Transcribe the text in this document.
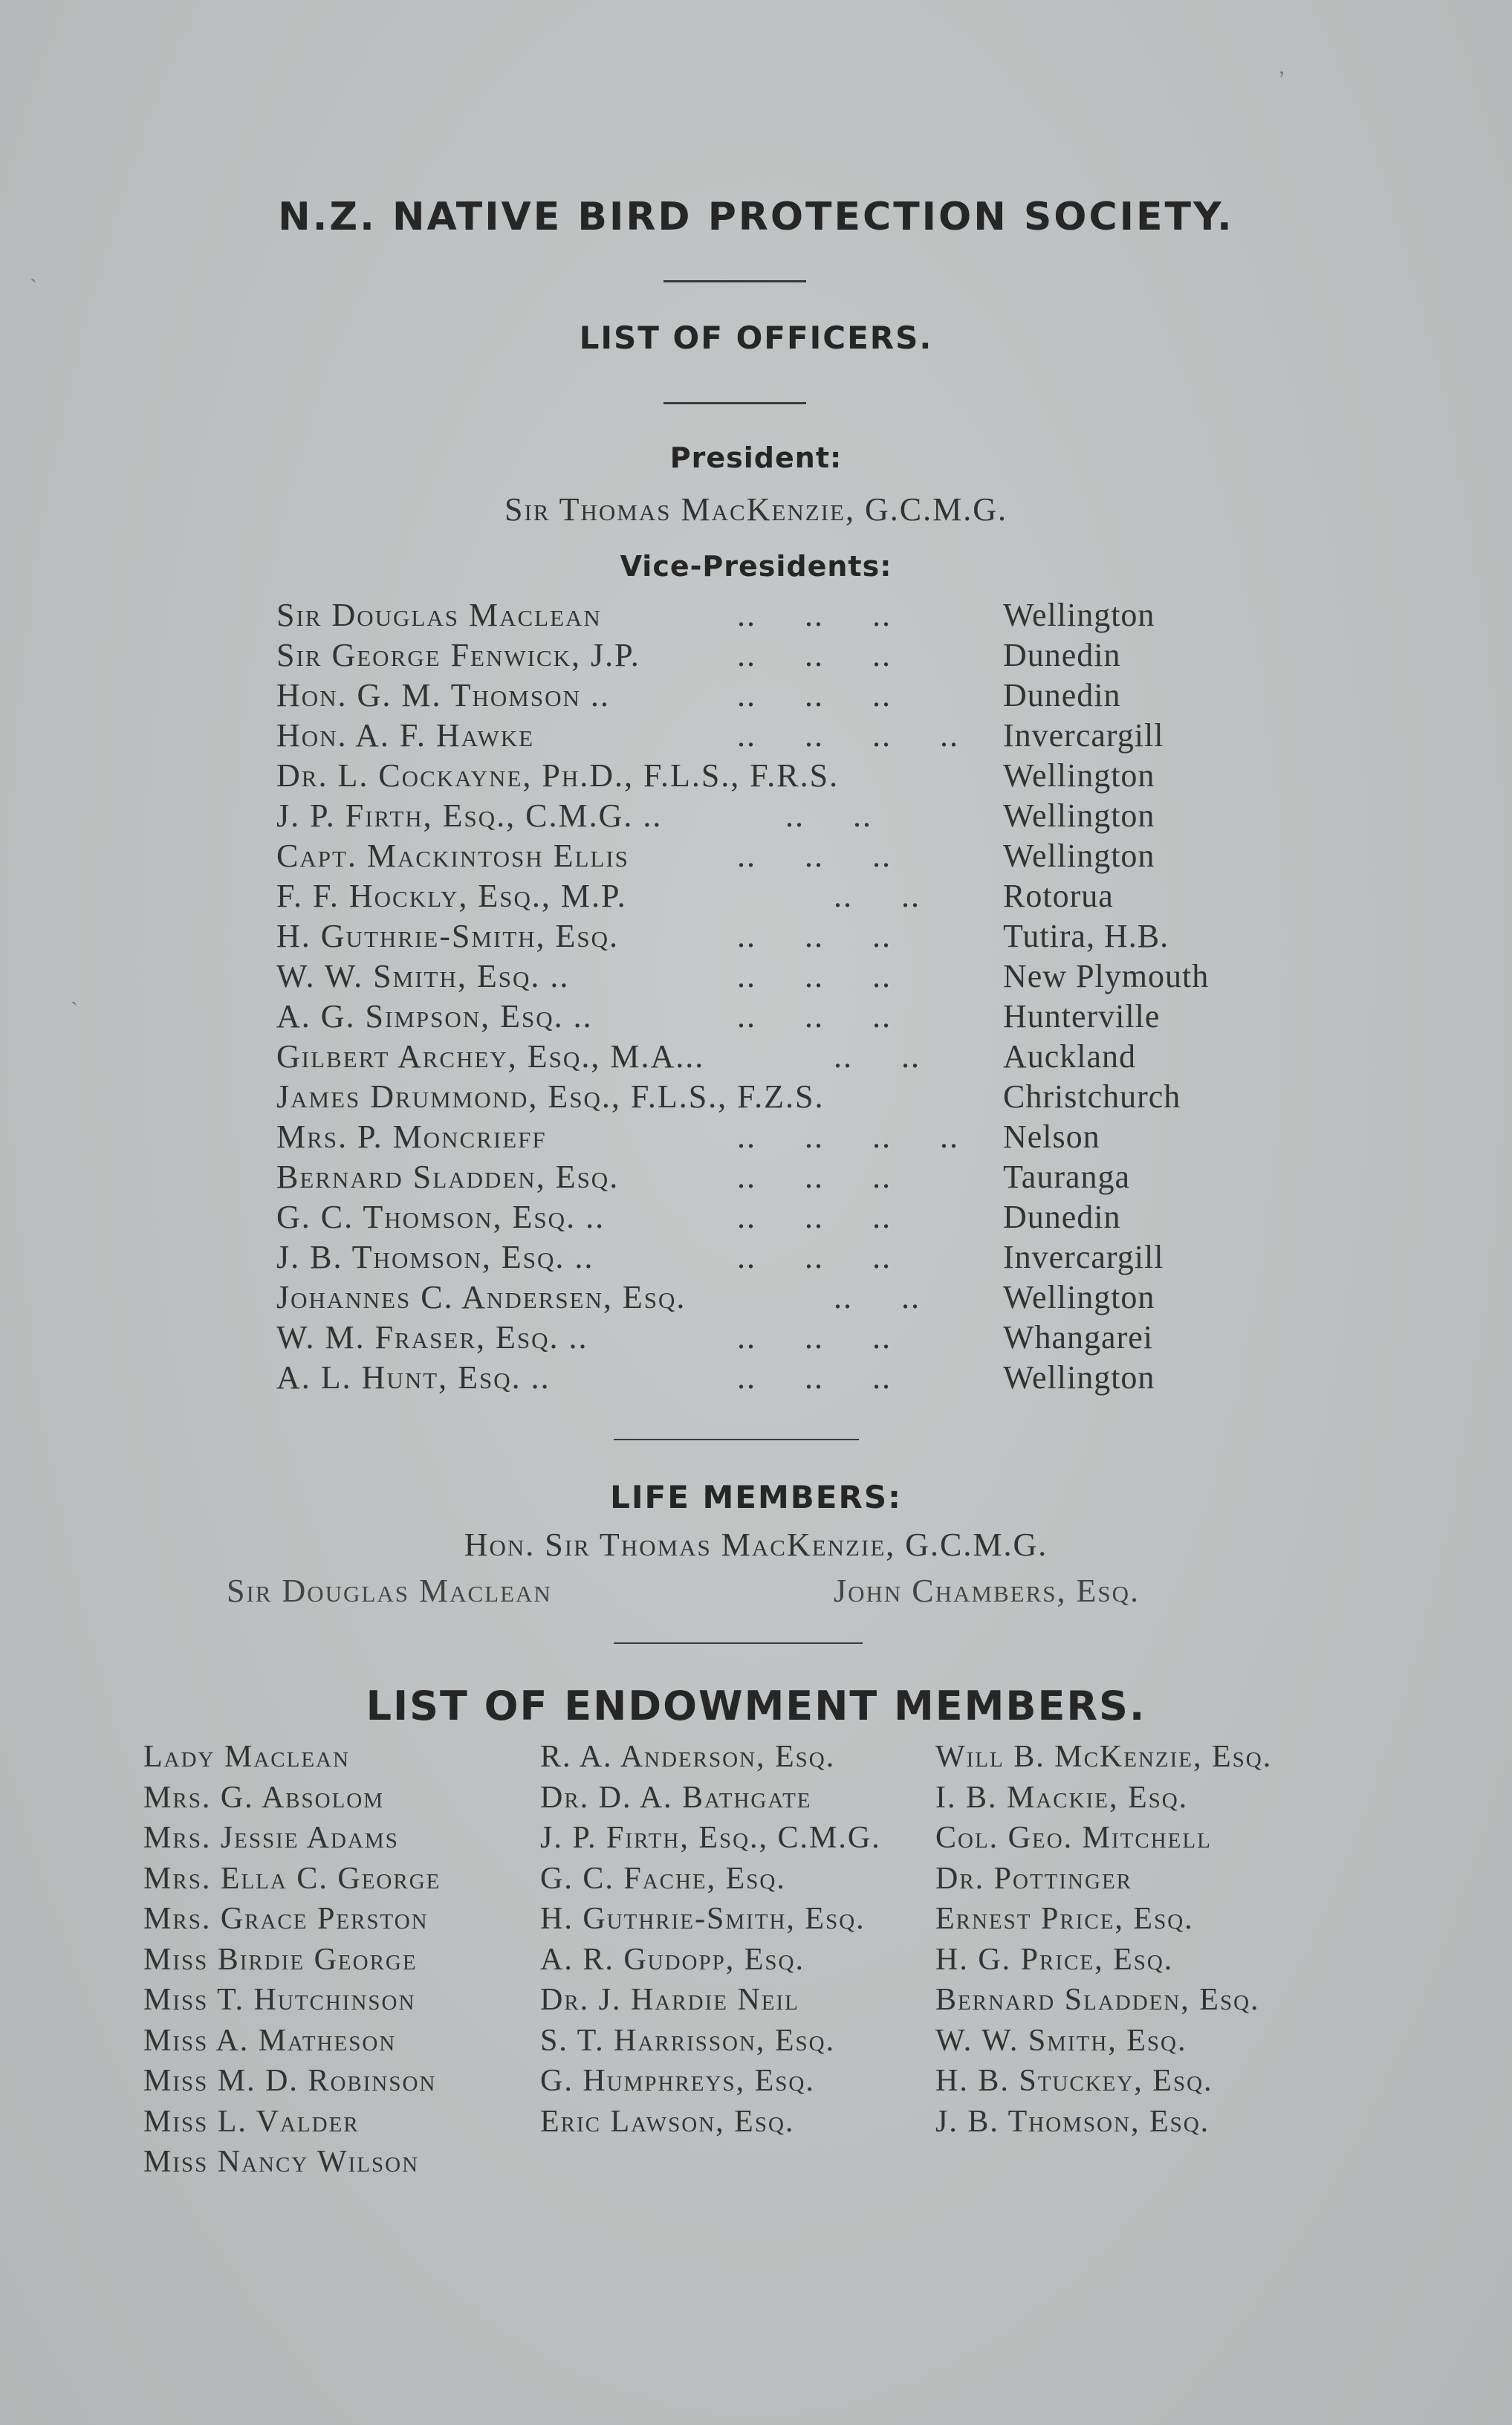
N.Z. NATIVE BIRD PROTECTION SOCIETY.
LIST OF OFFICERS.
President:
Sir Thomas MacKenzie, G.C.M.G.
Vice-Presidents:
Sir Douglas Maclean	..     ..     ..	Wellington
Sir George Fenwick, J.P.	..     ..     ..	Dunedin
Hon. G. M. Thomson ..	..     ..     ..	Dunedin
Hon. A. F. Hawke	..     ..     ..     .. Invercargill
Dr. L. Cockayne, Ph.D., F.L.S., F.R.S.	Wellington
J. P. Firth, Esq., C.M.G. .. ..     ..	Wellington
Capt. Mackintosh Ellis	..     ..     ..	Wellington
F. F. Hockly, Esq., M.P.	..     ..	Rotorua
H. Guthrie-Smith, Esq.	..     ..     ..	Tutira, H.B.
W. W. Smith, Esq. ..	..     ..     ..	New Plymouth
A. G. Simpson, Esq. ..	..     ..     ..	Hunterville
Gilbert Archey, Esq., M.A... ..     ..	Auckland
James Drummond, Esq., F.L.S., F.Z.S.	Christchurch
Mrs. P. Moncrieff	..     ..     ..     .. Nelson
Bernard Sladden, Esq.	..     ..     ..	Tauranga
G. C. Thomson, Esq. ..	..     ..     ..	Dunedin
J. B. Thomson, Esq. ..	..     ..     ..	Invercargill
Johannes C. Andersen, Esq. ..     ..	Wellington
W. M. Fraser, Esq. ..	..     ..     ..	Whangarei
A. L. Hunt, Esq. ..	..     ..     ..	Wellington
LIFE MEMBERS:
Hon. Sir Thomas MacKenzie, G.C.M.G.
Sir Douglas Maclean	John Chambers, Esq.
LIST OF ENDOWMENT MEMBERS.
Lady Maclean
Mrs. G. Absolom
Mrs. Jessie Adams
Mrs. Ella C. George
Mrs. Grace Perston
Miss Birdie George
Miss T. Hutchinson
Miss A. Matheson
Miss M. D. Robinson
Miss L. Valder
Miss Nancy Wilson
R. A. Anderson, Esq.
Dr. D. A. Bathgate
J. P. Firth, Esq., C.M.G.
G. C. Fache, Esq.
H. Guthrie-Smith, Esq.
A. R. Gudopp, Esq.
Dr. J. Hardie Neil
S. T. Harrisson, Esq.
G. Humphreys, Esq.
Eric Lawson, Esq.
Will B. McKenzie, Esq.
I. B. Mackie, Esq.
Col. Geo. Mitchell
Dr. Pottinger
Ernest Price, Esq.
H. G. Price, Esq.
Bernard Sladden, Esq.
W. W. Smith, Esq.
H. B. Stuckey, Esq.
J. B. Thomson, Esq.
ʼ
ˋ
ˏ
